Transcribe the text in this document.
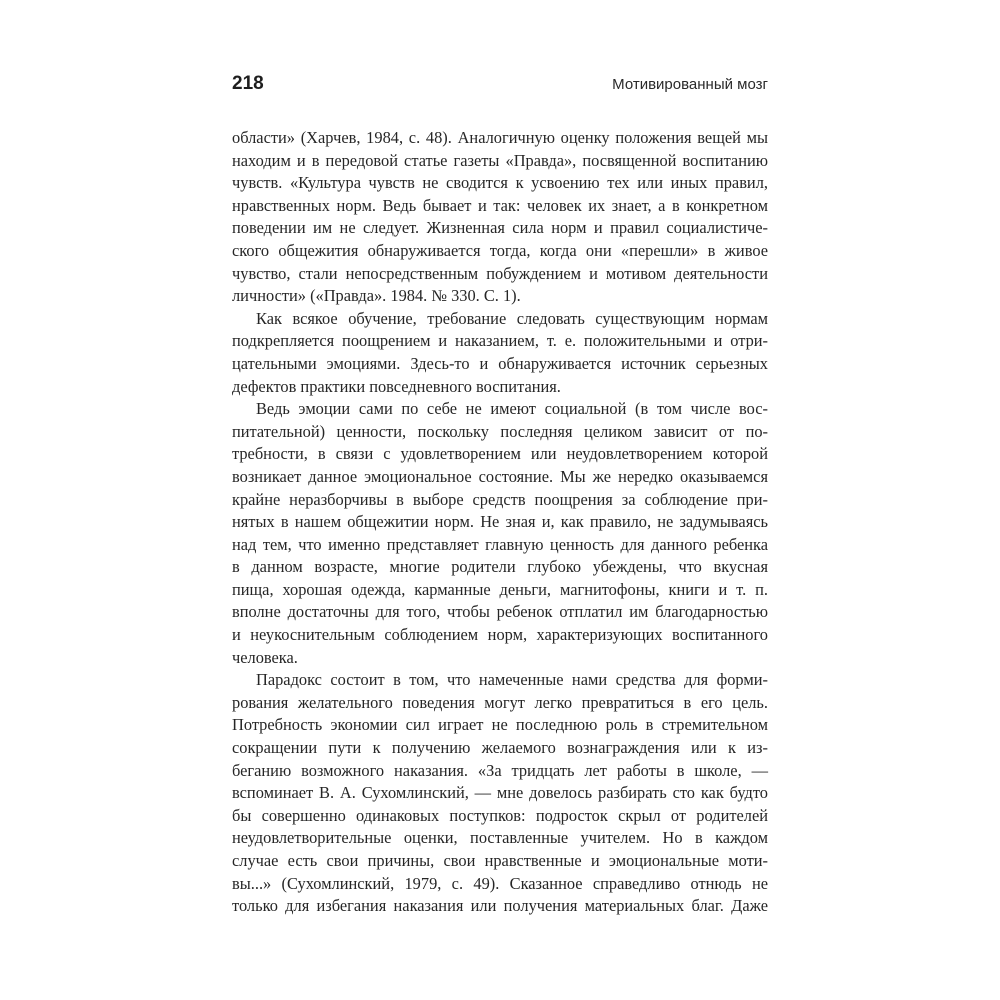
218	Мотивированный мозг
области» (Харчев, 1984, с. 48). Аналогичную оценку положения вещей мы
находим и в передовой статье газеты «Правда», посвященной воспитанию
чувств. «Культура чувств не сводится к усвоению тех или иных правил,
нравственных норм. Ведь бывает и так: человек их знает, а в конкретном
поведении им не следует. Жизненная сила норм и правил социалистиче-
ского общежития обнаруживается тогда, когда они «перешли» в живое
чувство, стали непосредственным побуждением и мотивом деятельности
личности» («Правда». 1984. № 330. С. 1).
Как всякое обучение, требование следовать существующим нормам
подкрепляется поощрением и наказанием, т. е. положительными и отри-
цательными эмоциями. Здесь-то и обнаруживается источник серьезных
дефектов практики повседневного воспитания.
Ведь эмоции сами по себе не имеют социальной (в том числе вос-
питательной) ценности, поскольку последняя целиком зависит от по-
требности, в связи с удовлетворением или неудовлетворением которой
возникает данное эмоциональное состояние. Мы же нередко оказываемся
крайне неразборчивы в выборе средств поощрения за соблюдение при-
нятых в нашем общежитии норм. Не зная и, как правило, не задумываясь
над тем, что именно представляет главную ценность для данного ребенка
в данном возрасте, многие родители глубоко убеждены, что вкусная
пища, хорошая одежда, карманные деньги, магнитофоны, книги и т. п.
вполне достаточны для того, чтобы ребенок отплатил им благодарностью
и неукоснительным соблюдением норм, характеризующих воспитанного
человека.
Парадокс состоит в том, что намеченные нами средства для форми-
рования желательного поведения могут легко превратиться в его цель.
Потребность экономии сил играет не последнюю роль в стремительном
сокращении пути к получению желаемого вознаграждения или к из-
беганию возможного наказания. «За тридцать лет работы в школе, —
вспоминает В. А. Сухомлинский, — мне довелось разбирать сто как будто
бы совершенно одинаковых поступков: подросток скрыл от родителей
неудовлетворительные оценки, поставленные учителем. Но в каждом
случае есть свои причины, свои нравственные и эмоциональные моти-
вы...» (Сухомлинский, 1979, с. 49). Сказанное справедливо отнюдь не
только для избегания наказания или получения материальных благ. Даже
